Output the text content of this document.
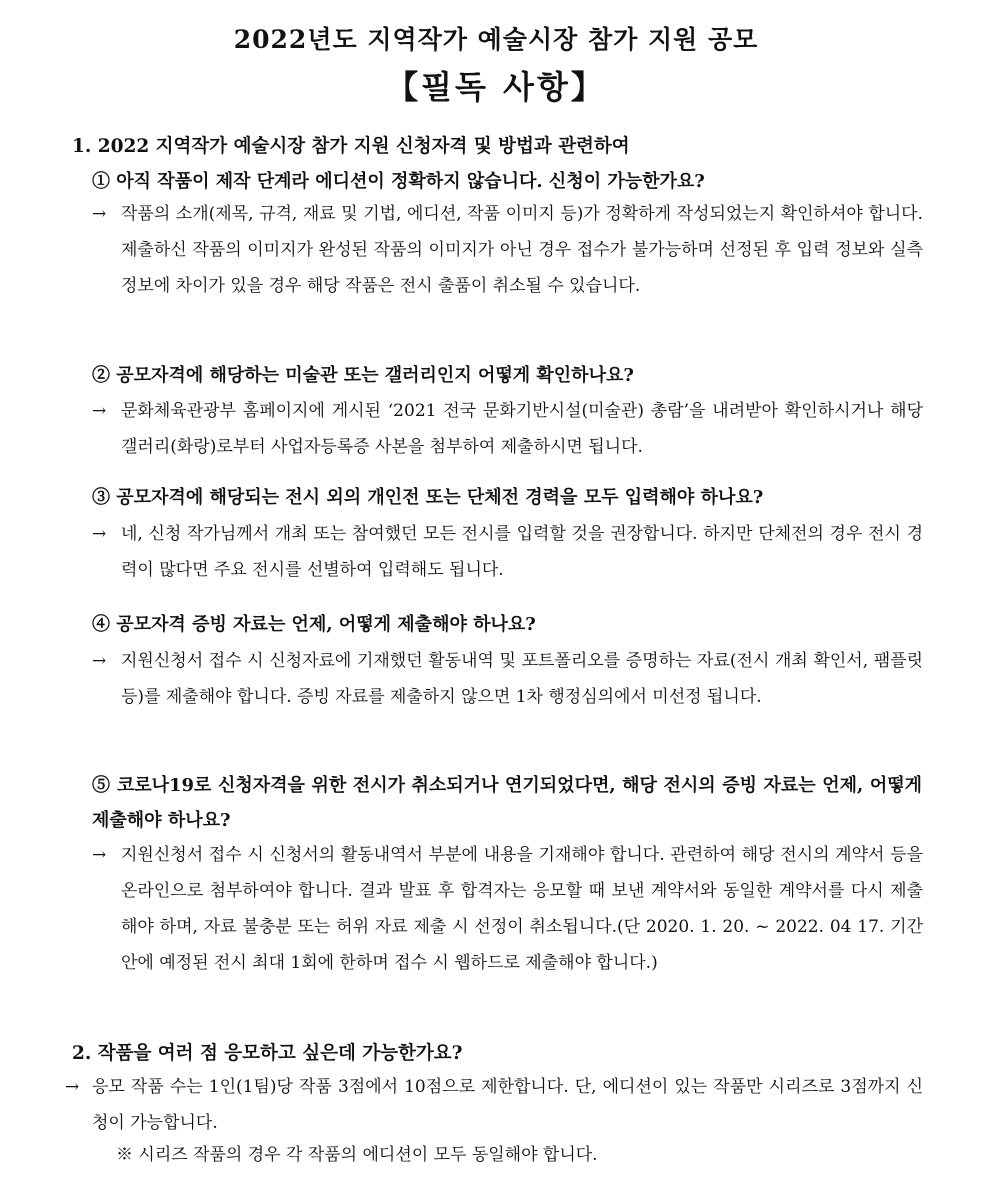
2022년도 지역작가 예술시장 참가 지원 공모
【필독 사항】
1. 2022 지역작가 예술시장 참가 지원 신청자격 및 방법과 관련하여
① 아직 작품이 제작 단계라 에디션이 정확하지 않습니다. 신청이 가능한가요?
→ 작품의 소개(제목, 규격, 재료 및 기법, 에디션, 작품 이미지 등)가 정확하게 작성되었는지 확인하셔야 합니다. 제출하신 작품의 이미지가 완성된 작품의 이미지가 아닌 경우 접수가 불가능하며 선정된 후 입력 정보와 실측 정보에 차이가 있을 경우 해당 작품은 전시 출품이 취소될 수 있습니다.
② 공모자격에 해당하는 미술관 또는 갤러리인지 어떻게 확인하나요?
→ 문화체육관광부 홈페이지에 게시된 ‘2021 전국 문화기반시설(미술관) 총람’을 내려받아 확인하시거나 해당 갤러리(화랑)로부터 사업자등록증 사본을 첨부하여 제출하시면 됩니다.
③ 공모자격에 해당되는 전시 외의 개인전 또는 단체전 경력을 모두 입력해야 하나요?
→ 네, 신청 작가님께서 개최 또는 참여했던 모든 전시를 입력할 것을 권장합니다. 하지만 단체전의 경우 전시 경력이 많다면 주요 전시를 선별하여 입력해도 됩니다.
④ 공모자격 증빙 자료는 언제, 어떻게 제출해야 하나요?
→ 지원신청서 접수 시 신청자료에 기재했던 활동내역 및 포트폴리오를 증명하는 자료(전시 개최 확인서, 팸플릿 등)를 제출해야 합니다. 증빙 자료를 제출하지 않으면 1차 행정심의에서 미선정 됩니다.
⑤ 코로나19로 신청자격을 위한 전시가 취소되거나 연기되었다면, 해당 전시의 증빙 자료는 언제, 어떻게 제출해야 하나요?
→ 지원신청서 접수 시 신청서의 활동내역서 부분에 내용을 기재해야 합니다. 관련하여 해당 전시의 계약서 등을 온라인으로 첨부하여야 합니다. 결과 발표 후 합격자는 응모할 때 보낸 계약서와 동일한 계약서를 다시 제출해야 하며, 자료 불충분 또는 허위 자료 제출 시 선정이 취소됩니다.(단 2020. 1. 20. ~ 2022. 04 17. 기간 안에 예정된 전시 최대 1회에 한하며 접수 시 웹하드로 제출해야 합니다.)
2. 작품을 여러 점 응모하고 싶은데 가능한가요?
→ 응모 작품 수는 1인(1팀)당 작품 3점에서 10점으로 제한합니다. 단, 에디션이 있는 작품만 시리즈로 3점까지 신청이 가능합니다.
※ 시리즈 작품의 경우 각 작품의 에디션이 모두 동일해야 합니다.
